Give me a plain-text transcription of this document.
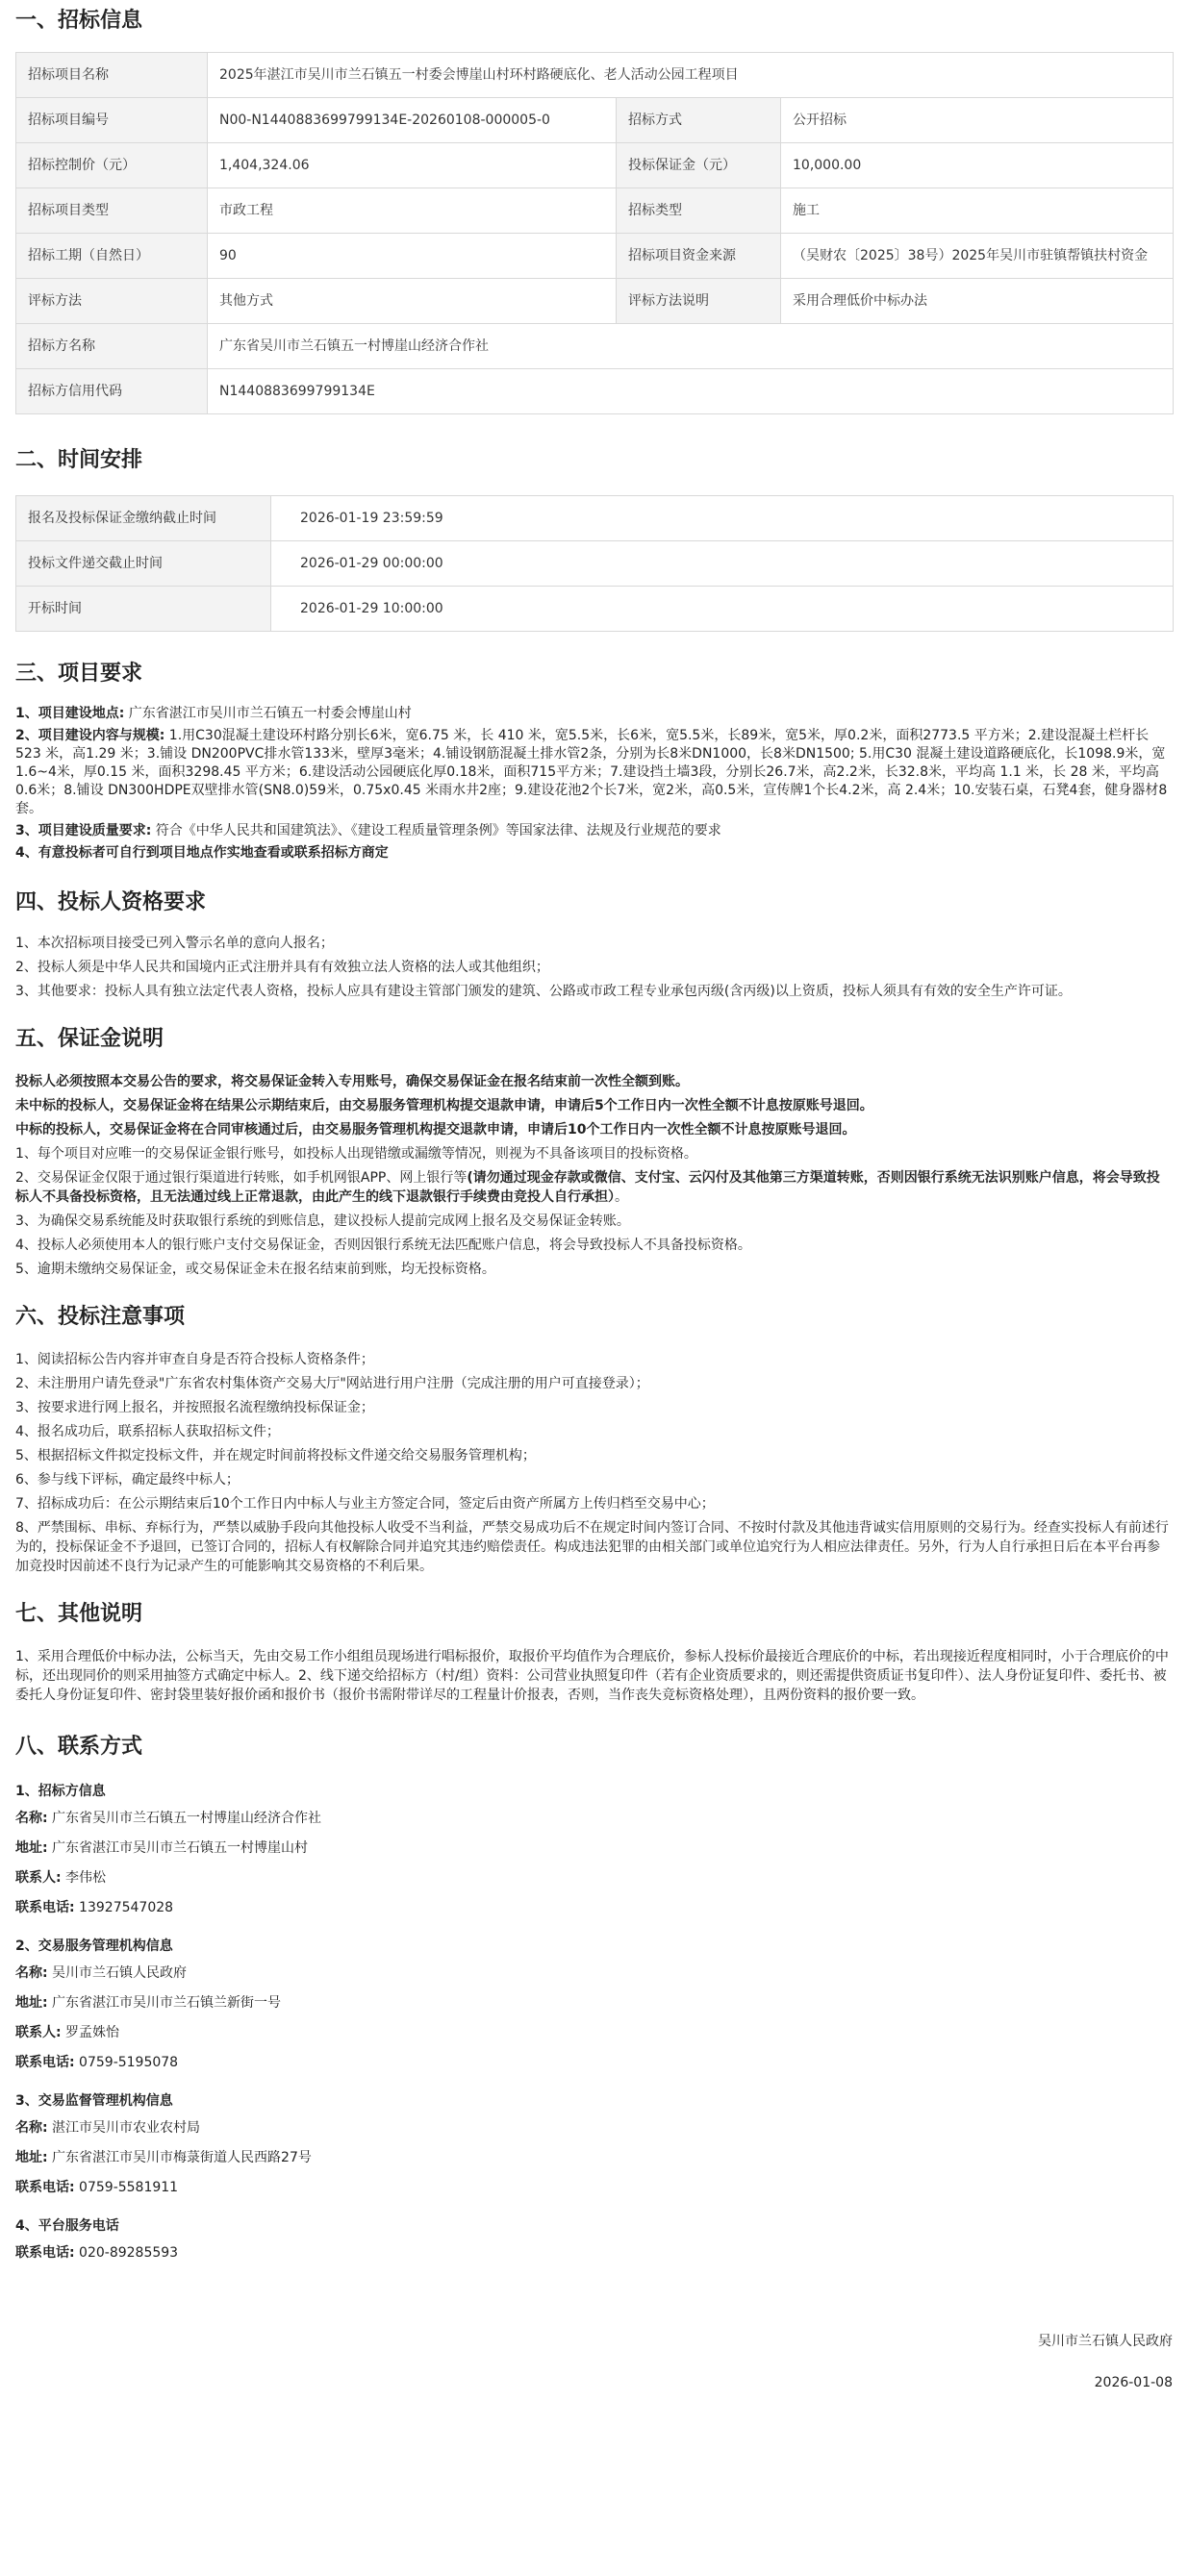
一、招标信息
招标项目名称	2025年湛江市吴川市兰石镇五一村委会博崖山村环村路硬底化、老人活动公园工程项目		
招标项目编号	N00-N1440883699799134E-20260108-000005-0	招标方式	公开招标
招标控制价（元）	1,404,324.06	投标保证金（元）	10,000.00
招标项目类型	市政工程	招标类型	施工
招标工期（自然日）	90	招标项目资金来源	（吴财农〔2025〕38号）2025年吴川市驻镇帮镇扶村资金
评标方法	其他方式	评标方法说明	采用合理低价中标办法
招标方名称	广东省吴川市兰石镇五一村博崖山经济合作社		
招标方信用代码	N1440883699799134E		
二、时间安排
报名及投标保证金缴纳截止时间	2026-01-19 23:59:59
投标文件递交截止时间	2026-01-29 00:00:00
开标时间	2026-01-29 10:00:00
三、项目要求
1、项目建设地点: 广东省湛江市吴川市兰石镇五一村委会博崖山村
2、项目建设内容与规模: 1.用C30混凝土建设环村路分别长6米，宽6.75 米，长 410 米，宽5.5米，长6米，宽5.5米，长89米，宽5米，厚0.2米，面积2773.5 平方米；2.建设混凝土栏杆长 523 米，高1.29 米；3.铺设 DN200PVC排水管133米，壁厚3毫米；4.铺设钢筋混凝土排水管2条，分别为长8米DN1000，长8米DN1500; 5.用C30 混凝土建设道路硬底化，长1098.9米，宽1.6~4米，厚0.15 米，面积3298.45 平方米；6.建设活动公园硬底化厚0.18米，面积715平方米；7.建设挡土墙3段，分别长26.7米，高2.2米，长32.8米，平均高 1.1 米，长 28 米，平均高0.6米；8.铺设 DN300HDPE双壁排水管(SN8.0)59米，0.75x0.45 米雨水井2座；9.建设花池2个长7米，宽2米，高0.5米，宣传牌1个长4.2米，高 2.4米；10.安装石桌，石凳4套，健身器材8套。
3、项目建设质量要求: 符合《中华人民共和国建筑法》、《建设工程质量管理条例》等国家法律、法规及行业规范的要求
4、有意投标者可自行到项目地点作实地查看或联系招标方商定
四、投标人资格要求
1、本次招标项目接受已列入警示名单的意向人报名；
2、投标人须是中华人民共和国境内正式注册并具有有效独立法人资格的法人或其他组织；
3、其他要求：投标人具有独立法定代表人资格，投标人应具有建设主管部门颁发的建筑、公路或市政工程专业承包丙级(含丙级)以上资质，投标人须具有有效的安全生产许可证。
五、保证金说明
投标人必须按照本交易公告的要求，将交易保证金转入专用账号，确保交易保证金在报名结束前一次性全额到账。
未中标的投标人，交易保证金将在结果公示期结束后，由交易服务管理机构提交退款申请，申请后5个工作日内一次性全额不计息按原账号退回。
中标的投标人，交易保证金将在合同审核通过后，由交易服务管理机构提交退款申请，申请后10个工作日内一次性全额不计息按原账号退回。
1、每个项目对应唯一的交易保证金银行账号，如投标人出现错缴或漏缴等情况，则视为不具备该项目的投标资格。
2、交易保证金仅限于通过银行渠道进行转账，如手机网银APP、网上银行等(请勿通过现金存款或微信、支付宝、云闪付及其他第三方渠道转账，否则因银行系统无法识别账户信息，将会导致投标人不具备投标资格，且无法通过线上正常退款，由此产生的线下退款银行手续费由竞投人自行承担）。
3、为确保交易系统能及时获取银行系统的到账信息，建议投标人提前完成网上报名及交易保证金转账。
4、投标人必须使用本人的银行账户支付交易保证金，否则因银行系统无法匹配账户信息，将会导致投标人不具备投标资格。
5、逾期未缴纳交易保证金，或交易保证金未在报名结束前到账，均无投标资格。
六、投标注意事项
1、阅读招标公告内容并审查自身是否符合投标人资格条件；
2、未注册用户请先登录"广东省农村集体资产交易大厅"网站进行用户注册（完成注册的用户可直接登录）；
3、按要求进行网上报名，并按照报名流程缴纳投标保证金；
4、报名成功后，联系招标人获取招标文件；
5、根据招标文件拟定投标文件，并在规定时间前将投标文件递交给交易服务管理机构；
6、参与线下评标，确定最终中标人；
7、招标成功后：在公示期结束后10个工作日内中标人与业主方签定合同，签定后由资产所属方上传归档至交易中心；
8、严禁围标、串标、弃标行为，严禁以威胁手段向其他投标人收受不当利益，严禁交易成功后不在规定时间内签订合同、不按时付款及其他违背诚实信用原则的交易行为。经查实投标人有前述行为的，投标保证金不予退回，已签订合同的，招标人有权解除合同并追究其违约赔偿责任。构成违法犯罪的由相关部门或单位追究行为人相应法律责任。另外，行为人自行承担日后在本平台再参加竞投时因前述不良行为记录产生的可能影响其交易资格的不利后果。
七、其他说明
1、采用合理低价中标办法，公标当天，先由交易工作小组组员现场进行唱标报价，取报价平均值作为合理底价，参标人投标价最接近合理底价的中标，若出现接近程度相同时，小于合理底价的中标，还出现同价的则采用抽签方式确定中标人。2、线下递交给招标方（村/组）资料：公司营业执照复印件（若有企业资质要求的，则还需提供资质证书复印件）、法人身份证复印件、委托书、被委托人身份证复印件、密封袋里装好报价函和报价书（报价书需附带详尽的工程量计价报表，否则，当作丧失竞标资格处理），且两份资料的报价要一致。
八、联系方式
1、招标方信息
名称: 广东省吴川市兰石镇五一村博崖山经济合作社
地址: 广东省湛江市吴川市兰石镇五一村博崖山村
联系人: 李伟松
联系电话: 13927547028
2、交易服务管理机构信息
名称: 吴川市兰石镇人民政府
地址: 广东省湛江市吴川市兰石镇兰新街一号
联系人: 罗孟姝怡
联系电话: 0759-5195078
3、交易监督管理机构信息
名称: 湛江市吴川市农业农村局
地址: 广东省湛江市吴川市梅菉街道人民西路27号
联系电话: 0759-5581911
4、平台服务电话
联系电话: 020-89285593
吴川市兰石镇人民政府
2026-01-08
